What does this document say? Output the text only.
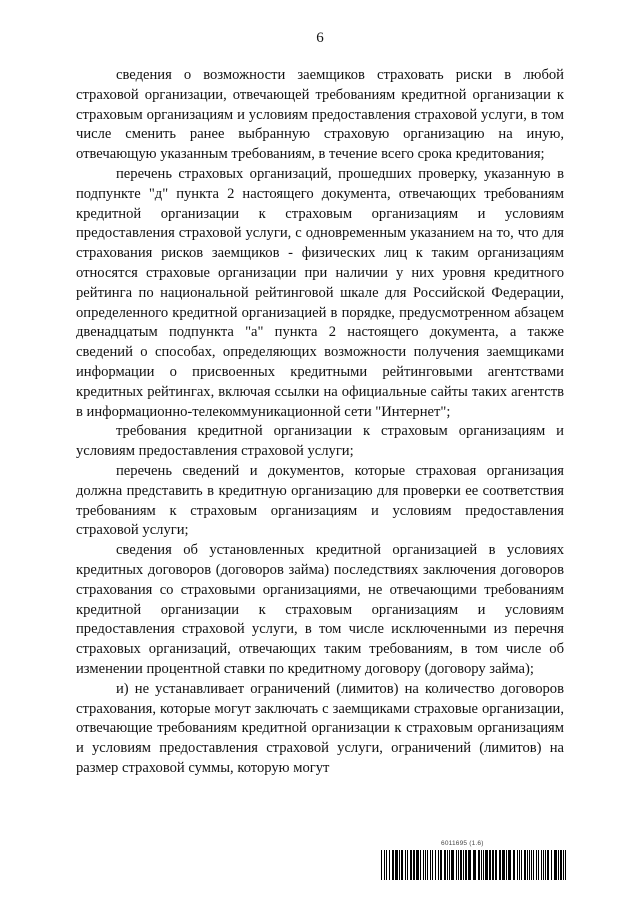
6

сведения о возможности заемщиков страховать риски в любой страховой организации, отвечающей требованиям кредитной организации к страховым организациям и условиям предоставления страховой услуги, в том числе сменить ранее выбранную страховую организацию на иную, отвечающую указанным требованиям, в течение всего срока кредитования;

перечень страховых организаций, прошедших проверку, указанную в подпункте "д" пункта 2 настоящего документа, отвечающих требованиям кредитной организации к страховым организациям и условиям предоставления страховой услуги, с одновременным указанием на то, что для страхования рисков заемщиков - физических лиц к таким организациям относятся страховые организации при наличии у них уровня кредитного рейтинга по национальной рейтинговой шкале для Российской Федерации, определенного кредитной организацией в порядке, предусмотренном абзацем двенадцатым подпункта "а" пункта 2 настоящего документа, а также сведений о способах, определяющих возможности получения заемщиками информации о присвоенных кредитными рейтинговыми агентствами кредитных рейтингах, включая ссылки на официальные сайты таких агентств в информационно-телекоммуникационной сети "Интернет";

требования кредитной организации к страховым организациям и условиям предоставления страховой услуги;

перечень сведений и документов, которые страховая организация должна представить в кредитную организацию для проверки ее соответствия требованиям к страховым организациям и условиям предоставления страховой услуги;

сведения об установленных кредитной организацией в условиях кредитных договоров (договоров займа) последствиях заключения договоров страхования со страховыми организациями, не отвечающими требованиям кредитной организации к страховым организациям и условиям предоставления страховой услуги, в том числе исключенными из перечня страховых организаций, отвечающих таким требованиям, в том числе об изменении процентной ставки по кредитному договору (договору займа);

и) не устанавливает ограничений (лимитов) на количество договоров страхования, которые могут заключать с заемщиками страховые организации, отвечающие требованиям кредитной организации к страховым организациям и условиям предоставления страховой услуги, ограничений (лимитов) на размер страховой суммы, которую могут

6011695 (1.6)
